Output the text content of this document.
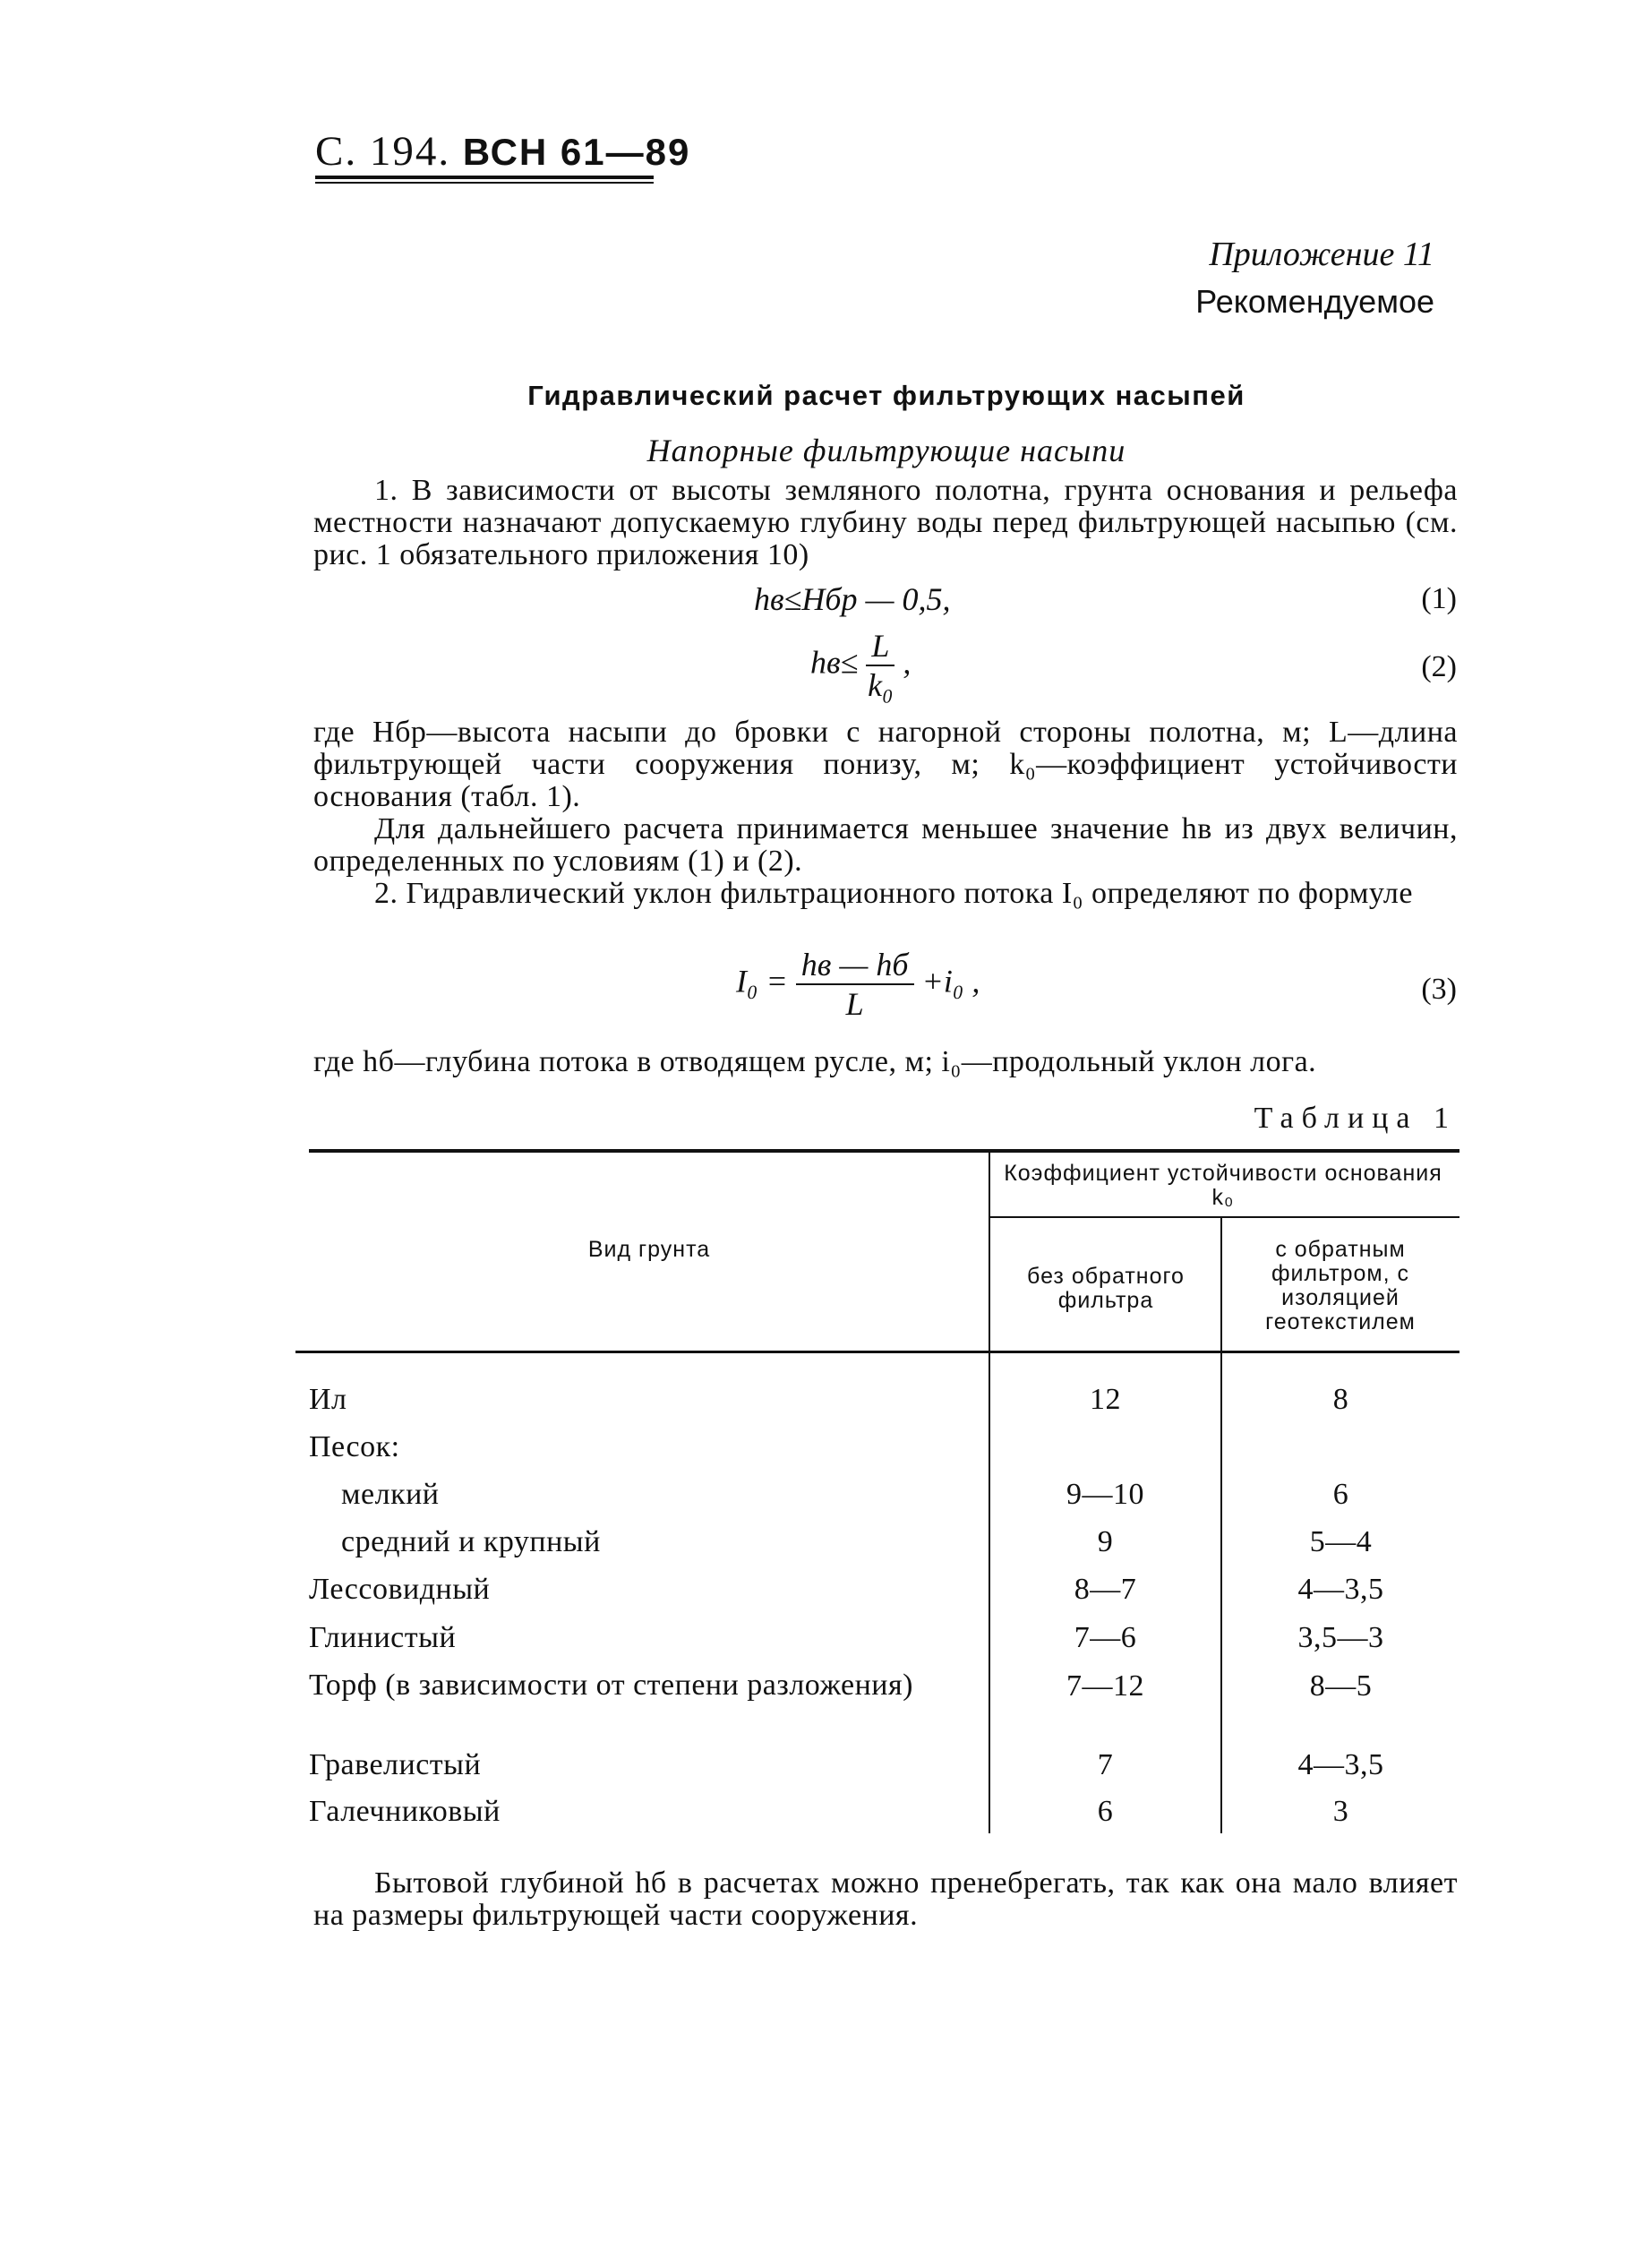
С. 194. ВСН 61—89
Приложение 11
Рекомендуемое
Гидравлический расчет фильтрующих насыпей
Напорные фильтрующие насыпи
1. В зависимости от высоты земляного полотна, грунта основания и рельефа местности назначают допускаемую глубину воды перед фильтрующей насыпью (см. рис. 1 обязательного приложения 10)
hв≤Hбр — 0,5,	(1)
$hв\le \frac{L}{\text{k₀}}$ ,	(2)
где Hбр—высота насыпи до бровки с нагорной стороны полотна, м; L—длина фильтрующей части сооружения понизу, м; k₀—коэффициент устойчивости основания (табл. 1).
Для дальнейшего расчета принимается меньшее значение hв из двух величин, определенных по условиям (1) и (2).
2. Гидравлический уклон фильтрационного потока I₀ определяют по формуле
$I_0 = \frac{hв — hб}{L} +i_0$ ,	(3)
где hб—глубина потока в отводящем русле, м; i₀—продольный уклон лога.
Таблица 1
Вид грунта
Коэффициент устойчивости основания k₀
без обратного фильтра
с обратным фильтром, с изоляцией геотекстилем
Ил	12	8
Песок:
мелкий	9—10	6
средний и крупный	9	5—4
Лессовидный	8—7	4—3,5
Глинистый	7—6	3,5—3
Торф (в зависимости от степени разложения)	7—12	8—5
Гравелистый	7	4—3,5
Галечниковый	6	3
Бытовой глубиной hб в расчетах можно пренебрегать, так как она мало влияет на размеры фильтрующей части сооружения.
